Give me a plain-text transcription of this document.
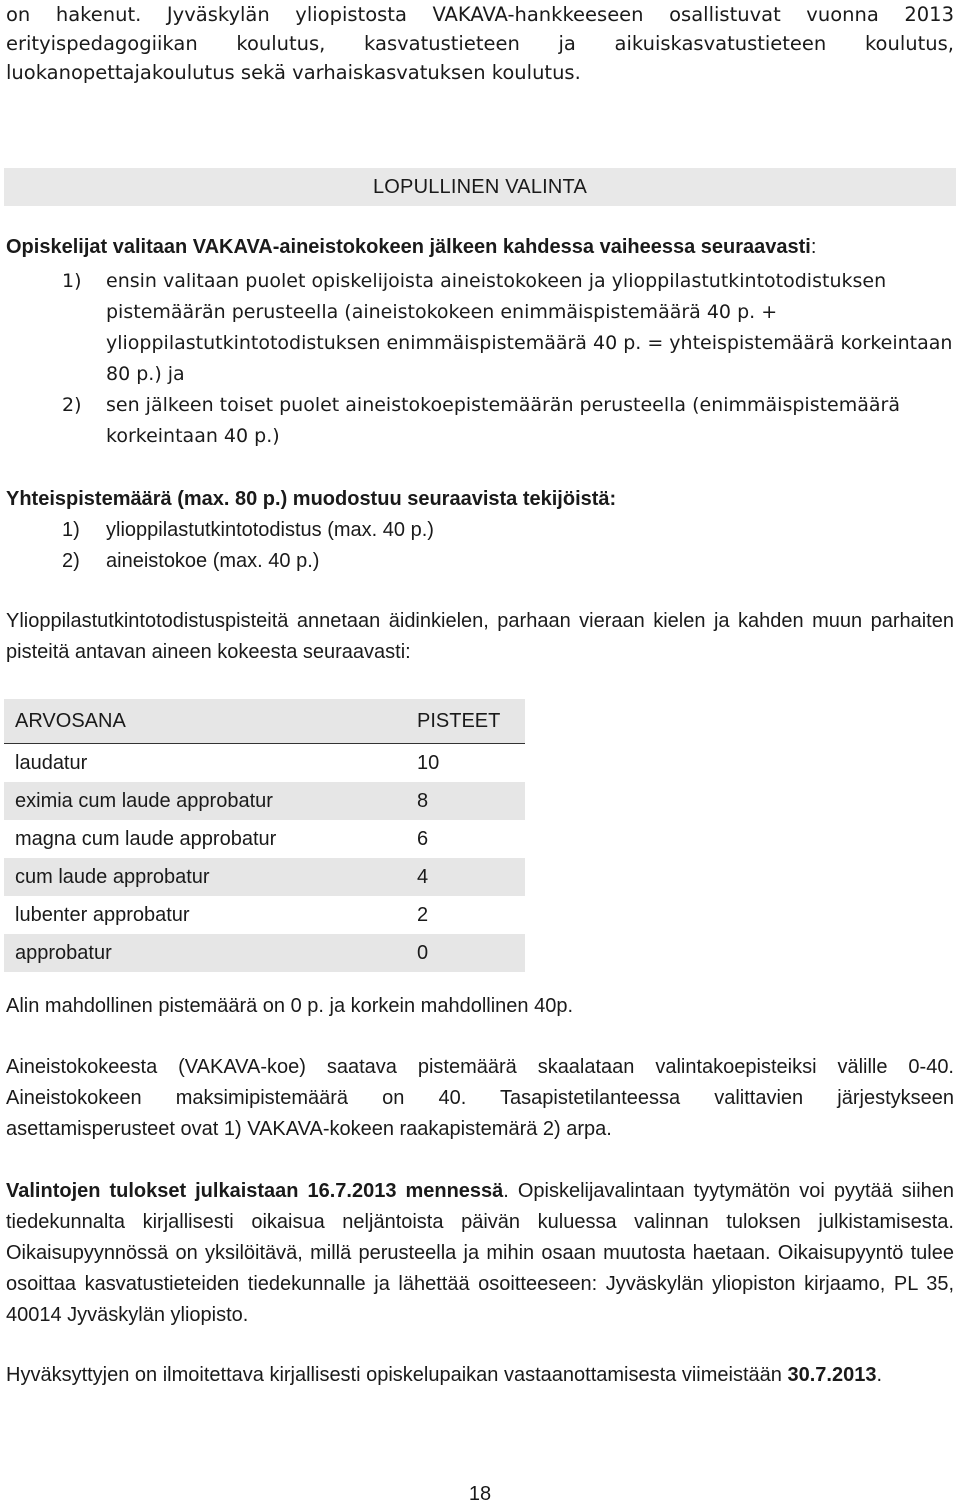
on hakenut. Jyväskylän yliopistosta VAKAVA-hankkeeseen osallistuvat vuonna 2013 erityispedagogiikan koulutus, kasvatustieteen ja aikuiskasvatustieteen koulutus, luokanopettajakoulutus sekä varhaiskasvatuksen koulutus.

LOPULLINEN VALINTA

Opiskelijat valitaan VAKAVA-aineistokokeen jälkeen kahdessa vaiheessa seuraavasti:

1) ensin valitaan puolet opiskelijoista aineistokokeen ja ylioppilastutkintotodistuksen pistemäärän perusteella (aineistokokeen enimmäispistemäärä 40 p. + ylioppilastutkintotodistuksen enimmäispistemäärä 40 p. = yhteispistemäärä korkeintaan 80 p.) ja
2) sen jälkeen toiset puolet aineistokoepistemäärän perusteella (enimmäispistemäärä korkeintaan 40 p.)

Yhteispistemäärä (max. 80 p.) muodostuu seuraavista tekijöistä:

1) ylioppilastutkintotodistus (max. 40 p.)
2) aineistokoe (max. 40 p.)

Ylioppilastutkintotodistuspisteitä annetaan äidinkielen, parhaan vieraan kielen ja kahden muun parhaiten pisteitä antavan aineen kokeesta seuraavasti:

ARVOSANA	PISTEET
laudatur	10
eximia cum laude approbatur	8
magna cum laude approbatur	6
cum laude approbatur	4
lubenter approbatur	2
approbatur	0

Alin mahdollinen pistemäärä on 0 p. ja korkein mahdollinen 40p.

Aineistokokeesta (VAKAVA-koe) saatava pistemäärä skaalataan valintakoepisteiksi välille 0-40. Aineistokokeen maksimipistemäärä on 40. Tasapistetilanteessa valittavien järjestykseen asettamisperusteet ovat 1) VAKAVA-kokeen raakapistemärä 2) arpa.

Valintojen tulokset julkaistaan 16.7.2013 mennessä. Opiskelijavalintaan tyytymätön voi pyytää siihen tiedekunnalta kirjallisesti oikaisua neljäntoista päivän kuluessa valinnan tuloksen julkistamisesta. Oikaisupyynnössä on yksilöitävä, millä perusteella ja mihin osaan muutosta haetaan. Oikaisupyyntö tulee osoittaa kasvatustieteiden tiedekunnalle ja lähettää osoitteeseen: Jyväskylän yliopiston kirjaamo, PL 35, 40014 Jyväskylän yliopisto.

Hyväksyttyjen on ilmoitettava kirjallisesti opiskelupaikan vastaanottamisesta viimeistään 30.7.2013.

18
